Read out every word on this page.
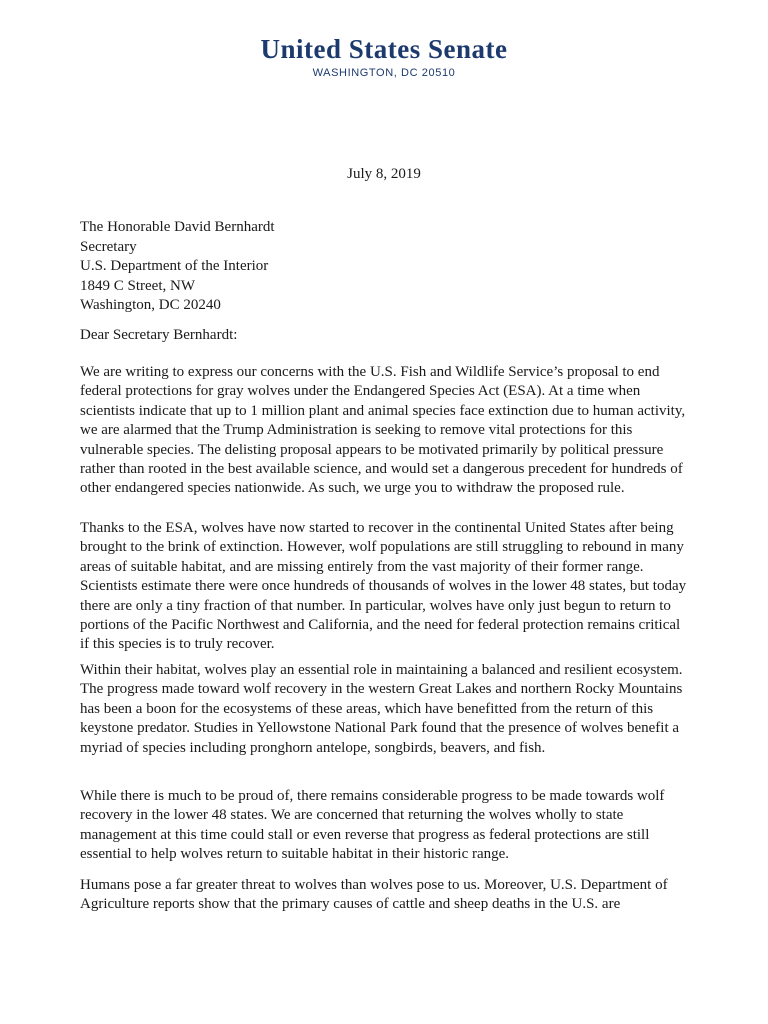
United States Senate
WASHINGTON, DC 20510
July 8, 2019
The Honorable David Bernhardt
Secretary
U.S. Department of the Interior
1849 C Street, NW
Washington, DC 20240
Dear Secretary Bernhardt:

We are writing to express our concerns with the U.S. Fish and Wildlife Service’s proposal to end federal protections for gray wolves under the Endangered Species Act (ESA). At a time when scientists indicate that up to 1 million plant and animal species face extinction due to human activity, we are alarmed that the Trump Administration is seeking to remove vital protections for this vulnerable species. The delisting proposal appears to be motivated primarily by political pressure rather than rooted in the best available science, and would set a dangerous precedent for hundreds of other endangered species nationwide. As such, we urge you to withdraw the proposed rule.

Thanks to the ESA, wolves have now started to recover in the continental United States after being brought to the brink of extinction. However, wolf populations are still struggling to rebound in many areas of suitable habitat, and are missing entirely from the vast majority of their former range. Scientists estimate there were once hundreds of thousands of wolves in the lower 48 states, but today there are only a tiny fraction of that number. In particular, wolves have only just begun to return to portions of the Pacific Northwest and California, and the need for federal protection remains critical if this species is to truly recover.

Within their habitat, wolves play an essential role in maintaining a balanced and resilient ecosystem. The progress made toward wolf recovery in the western Great Lakes and northern Rocky Mountains has been a boon for the ecosystems of these areas, which have benefitted from the return of this keystone predator. Studies in Yellowstone National Park found that the presence of wolves benefit a myriad of species including pronghorn antelope, songbirds, beavers, and fish.

While there is much to be proud of, there remains considerable progress to be made towards wolf recovery in the lower 48 states. We are concerned that returning the wolves wholly to state management at this time could stall or even reverse that progress as federal protections are still essential to help wolves return to suitable habitat in their historic range.

Humans pose a far greater threat to wolves than wolves pose to us. Moreover, U.S. Department of Agriculture reports show that the primary causes of cattle and sheep deaths in the U.S. are
